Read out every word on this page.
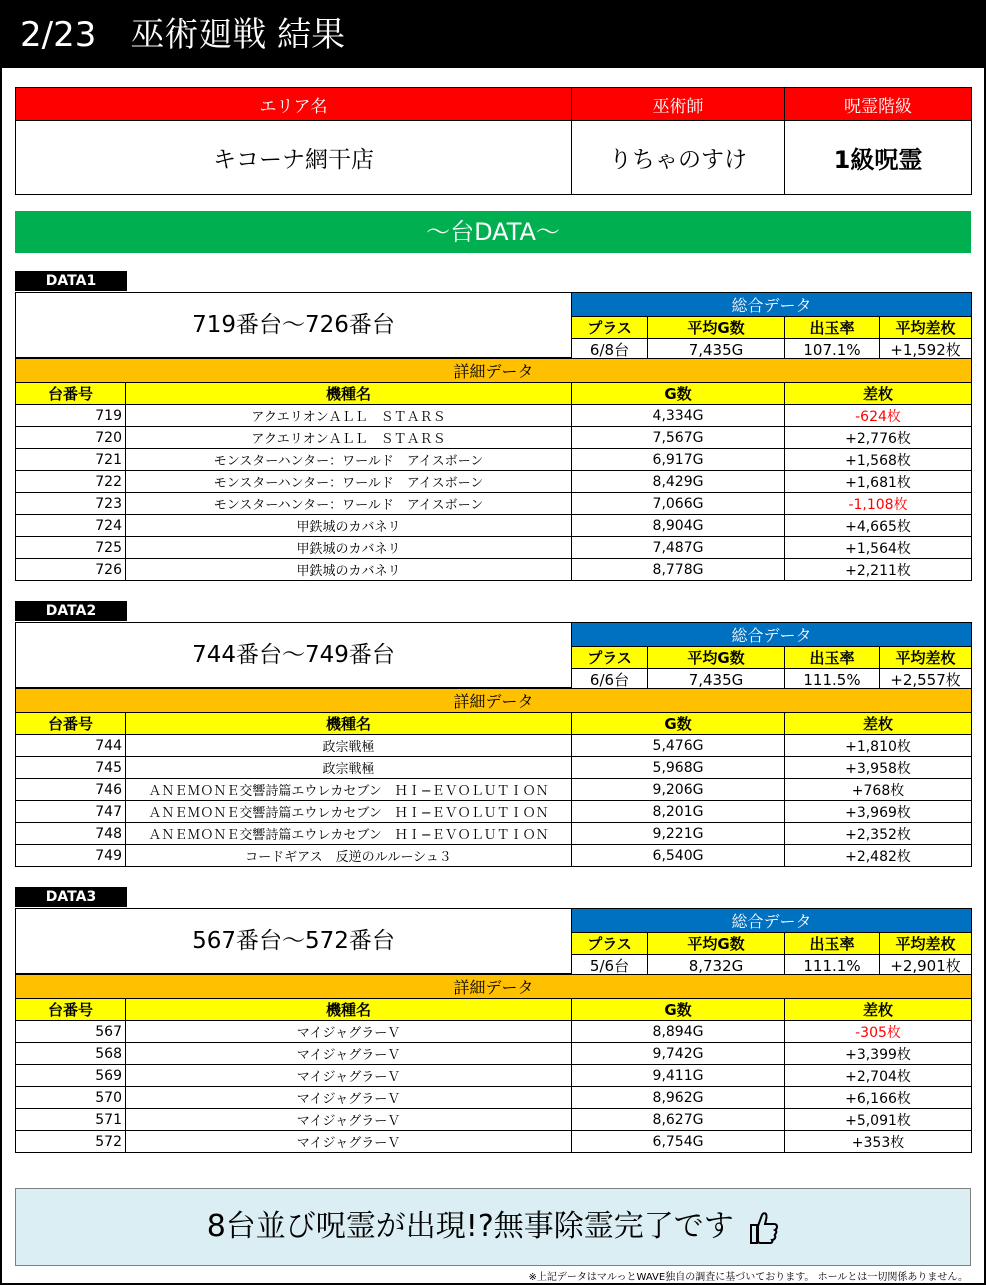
2/23　巫術廻戦 結果
エリア名	巫術師	呪霊階級
キコーナ網干店	りちゃのすけ	1級呪霊
〜台DATA〜
DATA1
719番台〜726番台
総合データ			
プラス	平均G数	出玉率	平均差枚
6/8台	7,435G	107.1%	+1,592枚
詳細データ			
台番号	機種名	G数	差枚
719	アクエリオンＡＬＬ　ＳＴＡＲＳ	4,334G	-624枚
720	アクエリオンＡＬＬ　ＳＴＡＲＳ	7,567G	+2,776枚
721	モンスターハンター：ワールド　アイスボーン	6,917G	+1,568枚
722	モンスターハンター：ワールド　アイスボーン	8,429G	+1,681枚
723	モンスターハンター：ワールド　アイスボーン	7,066G	-1,108枚
724	甲鉄城のカバネリ	8,904G	+4,665枚
725	甲鉄城のカバネリ	7,487G	+1,564枚
726	甲鉄城のカバネリ	8,778G	+2,211枚
DATA2
744番台〜749番台
総合データ			
プラス	平均G数	出玉率	平均差枚
6/6台	7,435G	111.5%	+2,557枚
詳細データ			
台番号	機種名	G数	差枚
744	政宗戦極	5,476G	+1,810枚
745	政宗戦極	5,968G	+3,958枚
746	ＡＮＥＭＯＮＥ交響詩篇エウレカセブン　ＨＩ−ＥＶＯＬＵＴＩＯＮ	9,206G	+768枚
747	ＡＮＥＭＯＮＥ交響詩篇エウレカセブン　ＨＩ−ＥＶＯＬＵＴＩＯＮ	8,201G	+3,969枚
748	ＡＮＥＭＯＮＥ交響詩篇エウレカセブン　ＨＩ−ＥＶＯＬＵＴＩＯＮ	9,221G	+2,352枚
749	コードギアス　反逆のルルーシュ３	6,540G	+2,482枚
DATA3
567番台〜572番台
総合データ			
プラス	平均G数	出玉率	平均差枚
5/6台	8,732G	111.1%	+2,901枚
詳細データ			
台番号	機種名	G数	差枚
567	マイジャグラーＶ	8,894G	-305枚
568	マイジャグラーＶ	9,742G	+3,399枚
569	マイジャグラーＶ	9,411G	+2,704枚
570	マイジャグラーＶ	8,962G	+6,166枚
571	マイジャグラーＶ	8,627G	+5,091枚
572	マイジャグラーＶ	6,754G	+353枚
8台並び呪霊が出現!?無事除霊完了です
※上記データはマルっとWAVE独自の調査に基づいております。 ホールとは一切関係ありません。
